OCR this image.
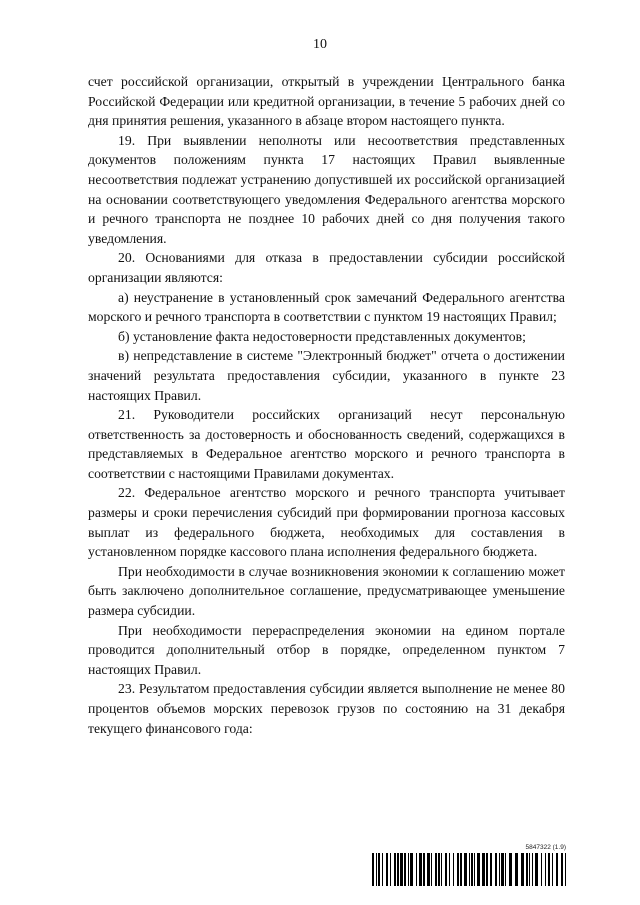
10

счет российской организации, открытый в учреждении Центрального банка Российской Федерации или кредитной организации, в течение 5 рабочих дней со дня принятия решения, указанного в абзаце втором настоящего пункта.

19. При выявлении неполноты или несоответствия представленных документов положениям пункта 17 настоящих Правил выявленные несоответствия подлежат устранению допустившей их российской организацией на основании соответствующего уведомления Федерального агентства морского и речного транспорта не позднее 10 рабочих дней со дня получения такого уведомления.

20. Основаниями для отказа в предоставлении субсидии российской организации являются:

а) неустранение в установленный срок замечаний Федерального агентства морского и речного транспорта в соответствии с пунктом 19 настоящих Правил;

б) установление факта недостоверности представленных документов;

в) непредставление в системе "Электронный бюджет" отчета о достижении значений результата предоставления субсидии, указанного в пункте 23 настоящих Правил.

21. Руководители российских организаций несут персональную ответственность за достоверность и обоснованность сведений, содержащихся в представляемых в Федеральное агентство морского и речного транспорта в соответствии с настоящими Правилами документах.

22. Федеральное агентство морского и речного транспорта учитывает размеры и сроки перечисления субсидий при формировании прогноза кассовых выплат из федерального бюджета, необходимых для составления в установленном порядке кассового плана исполнения федерального бюджета.

При необходимости в случае возникновения экономии к соглашению может быть заключено дополнительное соглашение, предусматривающее уменьшение размера субсидии.

При необходимости перераспределения экономии на едином портале проводится дополнительный отбор в порядке, определенном пунктом 7 настоящих Правил.

23. Результатом предоставления субсидии является выполнение не менее 80 процентов объемов морских перевозок грузов по состоянию на 31 декабря текущего финансового года:

5847322 (1.9)
